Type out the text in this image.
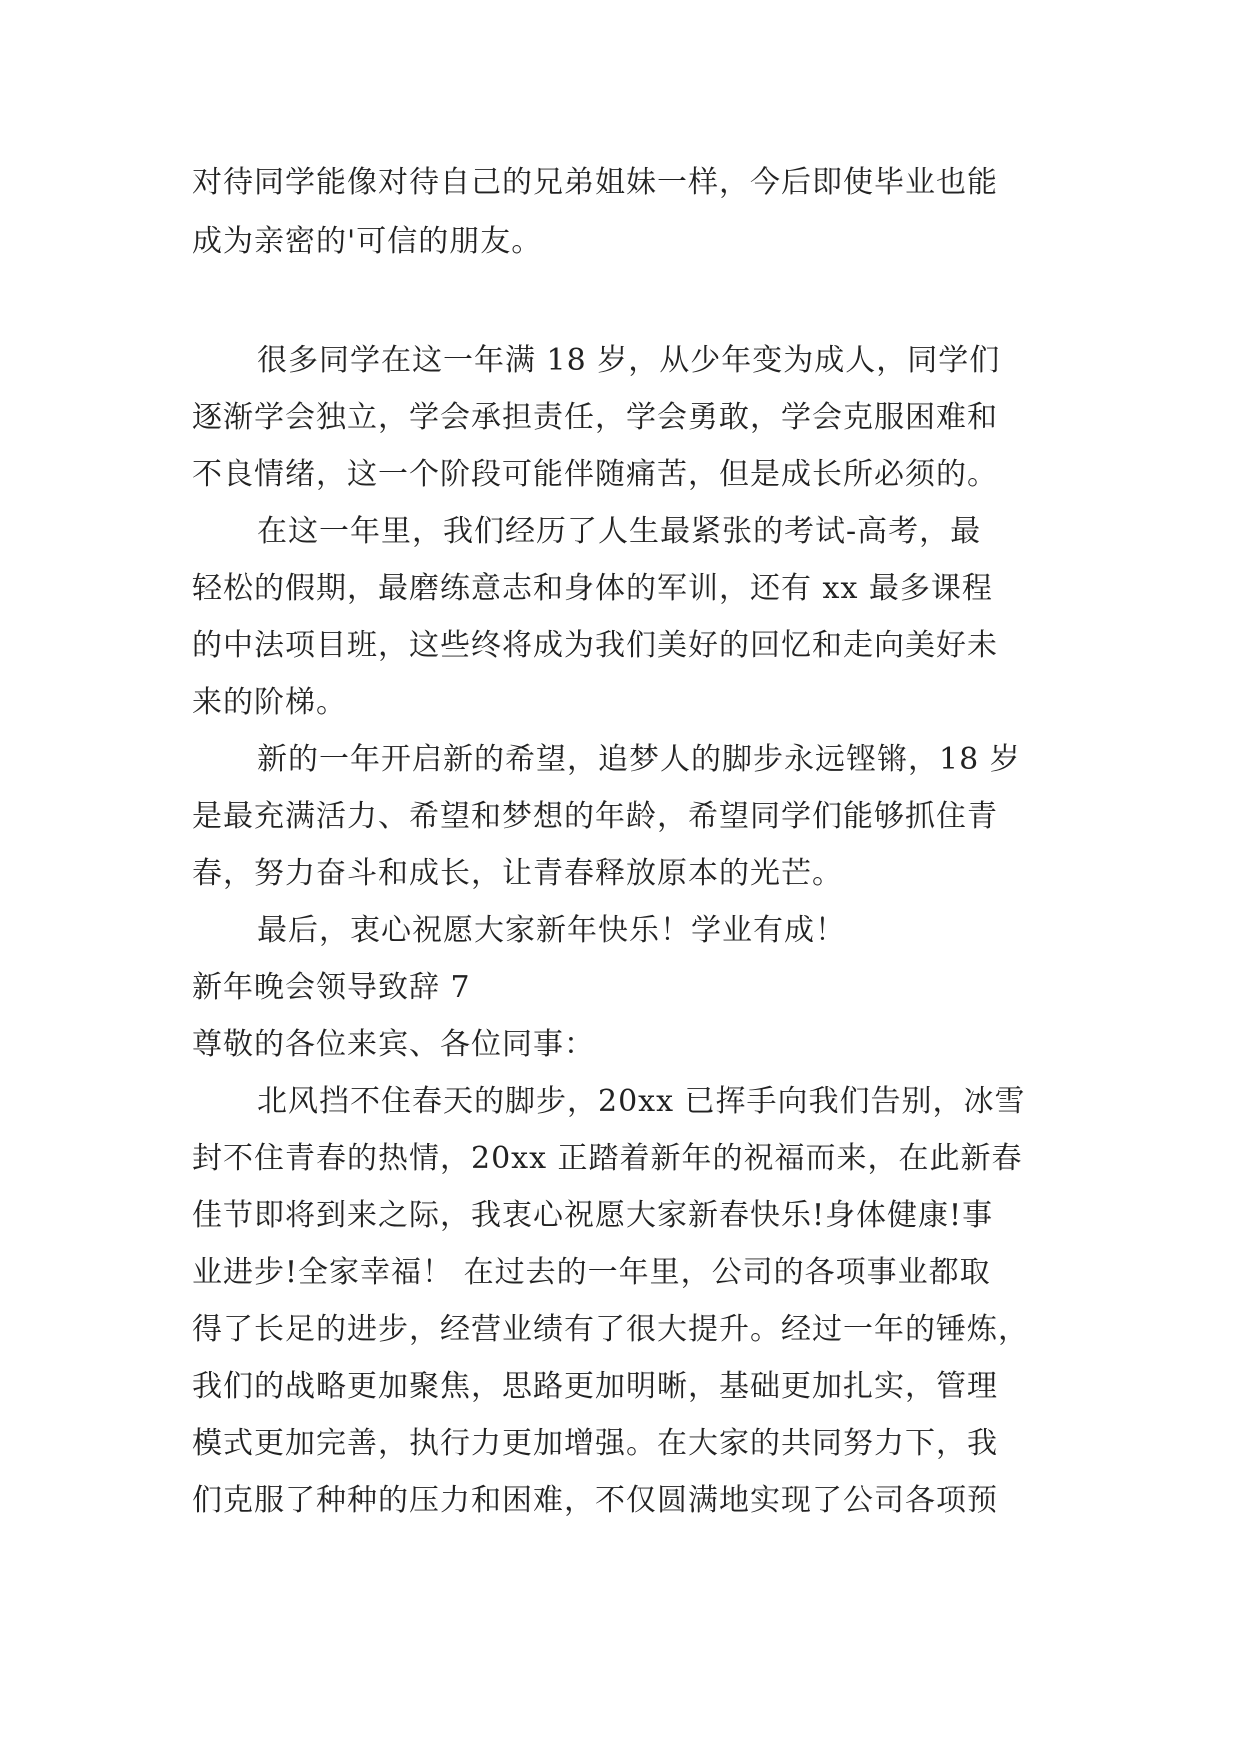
对待同学能像对待自己的兄弟姐妹一样，今后即使毕业也能

成为亲密的'可信的朋友。

很多同学在这一年满 18 岁，从少年变为成人，同学们

逐渐学会独立，学会承担责任，学会勇敢，学会克服困难和

不良情绪，这一个阶段可能伴随痛苦，但是成长所必须的。

在这一年里，我们经历了人生最紧张的考试-高考，最

轻松的假期，最磨练意志和身体的军训，还有 xx 最多课程

的中法项目班，这些终将成为我们美好的回忆和走向美好未

来的阶梯。

新的一年开启新的希望，追梦人的脚步永远铿锵，18 岁

是最充满活力、希望和梦想的年龄，希望同学们能够抓住青

春，努力奋斗和成长，让青春释放原本的光芒。

最后，衷心祝愿大家新年快乐！学业有成！

新年晚会领导致辞 7

尊敬的各位来宾、各位同事：

北风挡不住春天的脚步，20xx 已挥手向我们告别，冰雪

封不住青春的热情，20xx 正踏着新年的祝福而来，在此新春

佳节即将到来之际，我衷心祝愿大家新春快乐!身体健康!事

业进步!全家幸福！ 在过去的一年里，公司的各项事业都取

得了长足的进步，经营业绩有了很大提升。经过一年的锤炼，

我们的战略更加聚焦，思路更加明晰，基础更加扎实，管理

模式更加完善，执行力更加增强。在大家的共同努力下，我

们克服了种种的压力和困难，不仅圆满地实现了公司各项预
